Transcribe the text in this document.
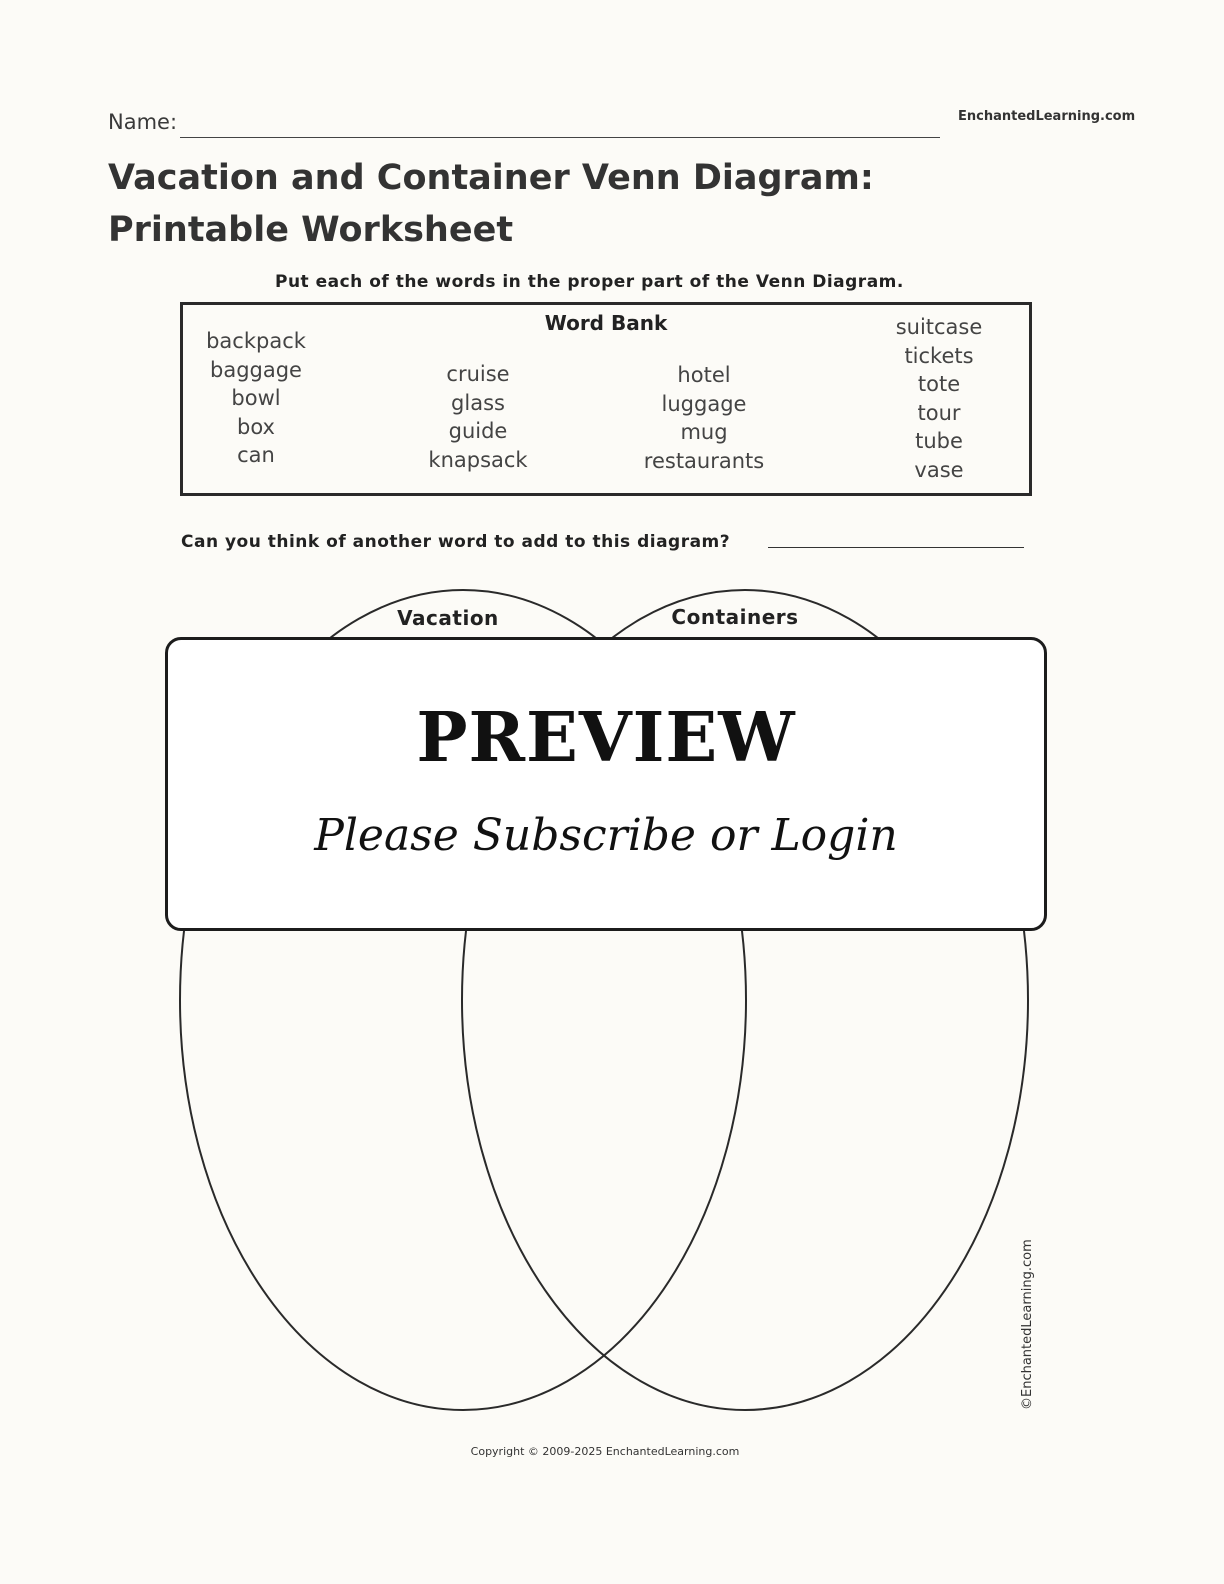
Name:	EnchantedLearning.com
Vacation and Container Venn Diagram: Printable Worksheet
Put each of the words in the proper part of the Venn Diagram.
Word Bank
backpack
baggage
bowl
box
can
cruise
glass
guide
knapsack
hotel
luggage
mug
restaurants
suitcase
tickets
tote
tour
tube
vase
Can you think of another word to add to this diagram?
Vacation	Containers
PREVIEW
Please Subscribe or Login
©EnchantedLearning.com
Copyright © 2009-2025 EnchantedLearning.com
